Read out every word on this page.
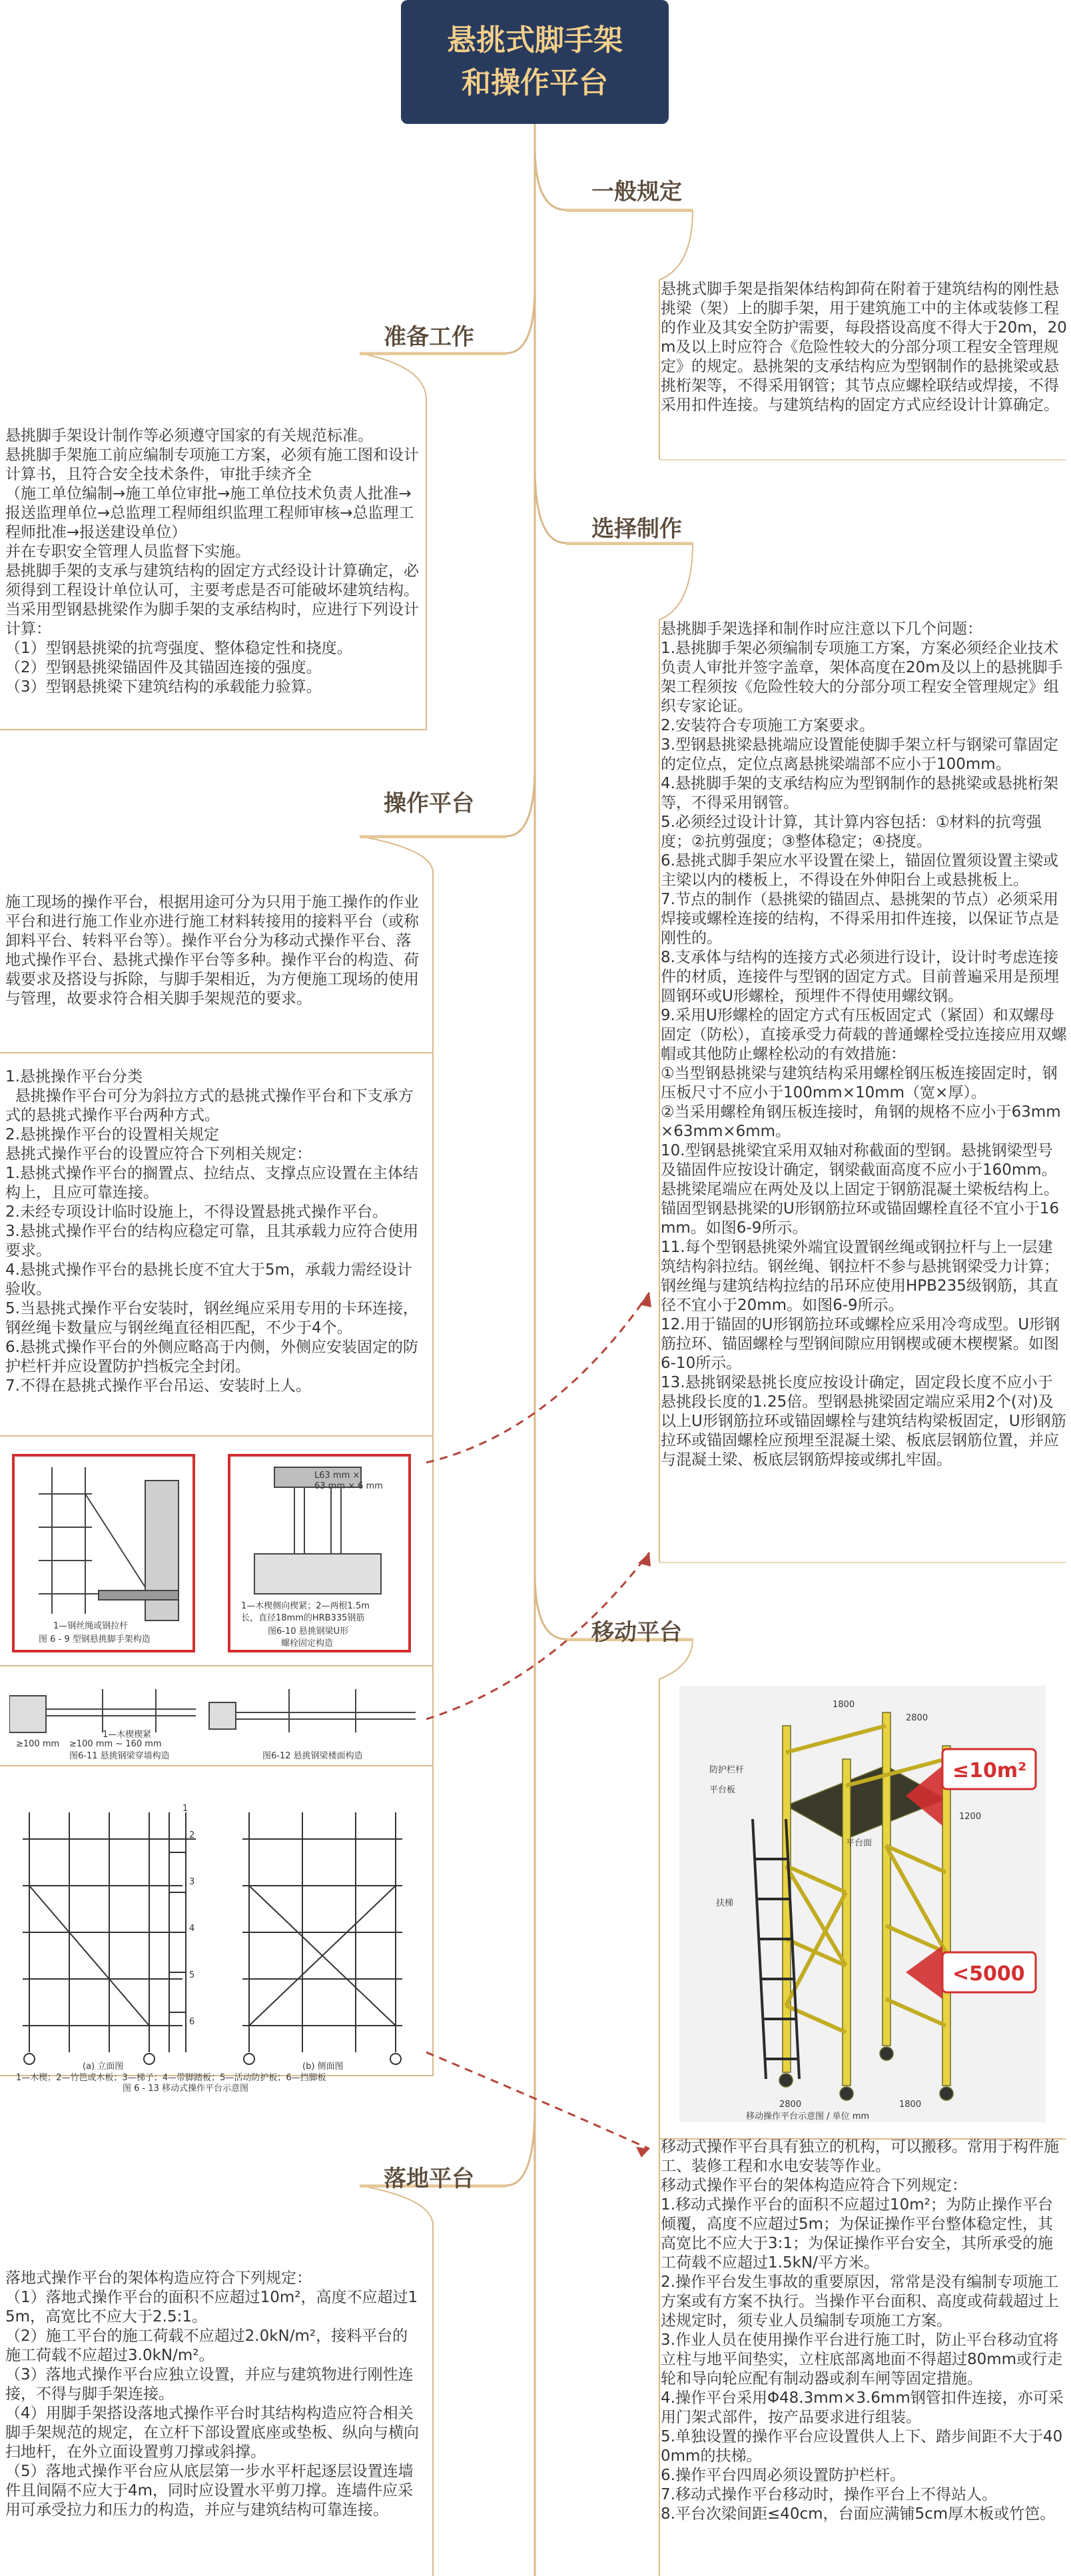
悬挑式脚手架
和操作平台
一般规定
准备工作
选择制作
操作平台
移动平台
落地平台
悬挑式脚手架是指架体结构卸荷在附着于建筑结构的刚性悬挑梁（架）上的脚手架，用于建筑施工中的主体或装修工程的作业及其安全防护需要，每段搭设高度不得大于20m，20m及以上时应符合《危险性较大的分部分项工程安全管理规定》的规定。悬挑架的支承结构应为型钢制作的悬挑梁或悬挑桁架等，不得采用钢管；其节点应螺栓联结或焊接，不得采用扣件连接。与建筑结构的固定方式应经设计计算确定。
悬挑脚手架设计制作等必须遵守国家的有关规范标准。
悬挑脚手架施工前应编制专项施工方案，必须有施工图和设计计算书，且符合安全技术条件，审批手续齐全
（施工单位编制→施工单位审批→施工单位技术负责人批准→报送监理单位→总监理工程师组织监理工程师审核→总监理工程师批准→报送建设单位）
并在专职安全管理人员监督下实施。
悬挑脚手架的支承与建筑结构的固定方式经设计计算确定，必须得到工程设计单位认可，主要考虑是否可能破坏建筑结构。当采用型钢悬挑梁作为脚手架的支承结构时，应进行下列设计计算：
（1）型钢悬挑梁的抗弯强度、整体稳定性和挠度。
（2）型钢悬挑梁锚固件及其锚固连接的强度。
（3）型钢悬挑梁下建筑结构的承载能力验算。
悬挑脚手架选择和制作时应注意以下几个问题：
1.悬挑脚手架必须编制专项施工方案，方案必须经企业技术负责人审批并签字盖章，架体高度在20m及以上的悬挑脚手架工程须按《危险性较大的分部分项工程安全管理规定》组织专家论证。
2.安装符合专项施工方案要求。
3.型钢悬挑梁悬挑端应设置能使脚手架立杆与钢梁可靠固定的定位点，定位点离悬挑梁端部不应小于100mm。
4.悬挑脚手架的支承结构应为型钢制作的悬挑梁或悬挑桁架等，不得采用钢管。
5.必须经过设计计算，其计算内容包括：①材料的抗弯强度；②抗剪强度；③整体稳定；④挠度。
6.悬挑式脚手架应水平设置在梁上，锚固位置须设置主梁或主梁以内的楼板上，不得设在外伸阳台上或悬挑板上。
7.节点的制作（悬挑梁的锚固点、悬挑架的节点）必须采用焊接或螺栓连接的结构，不得采用扣件连接，以保证节点是刚性的。
8.支承体与结构的连接方式必须进行设计，设计时考虑连接件的材质，连接件与型钢的固定方式。目前普遍采用是预埋圆钢环或U形螺栓，预埋件不得使用螺纹钢。
9.采用U形螺栓的固定方式有压板固定式（紧固）和双螺母固定（防松），直接承受力荷载的普通螺栓受拉连接应用双螺帽或其他防止螺栓松动的有效措施：
①当型钢悬挑梁与建筑结构采用螺栓钢压板连接固定时，钢压板尺寸不应小于100mm×10mm（宽×厚）。
②当采用螺栓角钢压板连接时，角钢的规格不应小于63mm×63mm×6mm。
10.型钢悬挑梁宜采用双轴对称截面的型钢。悬挑钢梁型号及锚固件应按设计确定，钢梁截面高度不应小于160mm。悬挑梁尾端应在两处及以上固定于钢筋混凝土梁板结构上。锚固型钢悬挑梁的U形钢筋拉环或锚固螺栓直径不宜小于16mm。如图6-9所示。
11.每个型钢悬挑梁外端宜设置钢丝绳或钢拉杆与上一层建筑结构斜拉结。钢丝绳、钢拉杆不参与悬挑钢梁受力计算；钢丝绳与建筑结构拉结的吊环应使用HPB235级钢筋，其直径不宜小于20mm。如图6-9所示。
12.用于锚固的U形钢筋拉环或螺栓应采用冷弯成型。U形钢筋拉环、锚固螺栓与型钢间隙应用钢楔或硬木楔楔紧。如图6-10所示。
13.悬挑钢梁悬挑长度应按设计确定，固定段长度不应小于悬挑段长度的1.25倍。型钢悬挑梁固定端应采用2个(对)及以上U形钢筋拉环或锚固螺栓与建筑结构梁板固定，U形钢筋拉环或锚固螺栓应预埋至混凝土梁、板底层钢筋位置，并应与混凝土梁、板底层钢筋焊接或绑扎牢固。
施工现场的操作平台，根据用途可分为只用于施工操作的作业平台和进行施工作业亦进行施工材料转接用的接料平台（或称卸料平台、转料平台等）。操作平台分为移动式操作平台、落地式操作平台、悬挑式操作平台等多种。操作平台的构造、荷载要求及搭设与拆除，与脚手架相近，为方便施工现场的使用与管理，故要求符合相关脚手架规范的要求。
1.悬挑操作平台分类
悬挑操作平台可分为斜拉方式的悬挑式操作平台和下支承方式的悬挑式操作平台两种方式。
2.悬挑操作平台的设置相关规定
悬挑式操作平台的设置应符合下列相关规定：
1.悬挑式操作平台的搁置点、拉结点、支撑点应设置在主体结构上，且应可靠连接。
2.未经专项设计临时设施上，不得设置悬挑式操作平台。
3.悬挑式操作平台的结构应稳定可靠，且其承载力应符合使用要求。
4.悬挑式操作平台的悬挑长度不宜大于5m，承载力需经设计验收。
5.当悬挑式操作平台安装时，钢丝绳应采用专用的卡环连接，钢丝绳卡数量应与钢丝绳直径相匹配，不少于4个。
6.悬挑式操作平台的外侧应略高于内侧，外侧应安装固定的防护栏杆并应设置防护挡板完全封闭。
7.不得在悬挑式操作平台吊运、安装时上人。
移动式操作平台具有独立的机构，可以搬移。常用于构件施工、装修工程和水电安装等作业。
移动式操作平台的架体构造应符合下列规定：
1.移动式操作平台的面积不应超过10m²；为防止操作平台倾覆，高度不应超过5m；为保证操作平台整体稳定性，其高宽比不应大于3:1；为保证操作平台安全，其所承受的施工荷载不应超过1.5kN/平方米。
2.操作平台发生事故的重要原因，常常是没有编制专项施工方案或有方案不执行。当操作平台面积、高度或荷载超过上述规定时，须专业人员编制专项施工方案。
3.作业人员在使用操作平台进行施工时，防止平台移动宜将立柱与地平间垫实，立柱底部离地面不得超过80mm或行走轮和导向轮应配有制动器或刹车闸等固定措施。
4.操作平台采用Φ48.3mm×3.6mm钢管扣件连接，亦可采用门架式部件，按产品要求进行组装。
5.单独设置的操作平台应设置供人上下、踏步间距不大于400mm的扶梯。
6.操作平台四周必须设置防护栏杆。
7.移动式操作平台移动时，操作平台上不得站人。
8.平台次梁间距≤40cm，台面应满铺5cm厚木板或竹笆。
落地式操作平台的架体构造应符合下列规定：
（1）落地式操作平台的面积不应超过10m²，高度不应超过15m，高宽比不应大于2.5:1。
（2）施工平台的施工荷载不应超过2.0kN/m²，接料平台的施工荷载不应超过3.0kN/m²。
（3）落地式操作平台应独立设置，并应与建筑物进行刚性连接，不得与脚手架连接。
（4）用脚手架搭设落地式操作平台时其结构构造应符合相关脚手架规范的规定，在立杆下部设置底座或垫板、纵向与横向扫地杆，在外立面设置剪刀撑或斜撑。
（5）落地式操作平台应从底层第一步水平杆起逐层设置连墙件且间隔不应大于4m，同时应设置水平剪刀撑。连墙件应采用可承受拉力和压力的构造，并应与建筑结构可靠连接。
1—钢丝绳或钢拉杆
图 6 - 9 型钢悬挑脚手架构造
L63 mm ×
63 mm × 6 mm
1—木楔侧向楔紧；2—两根1.5m
长，直径18mm的HRB335钢筋
图6-10 悬挑钢梁U形
螺栓固定构造
1—木楔楔紧
≥100 mm ≥100 mm ~ 160 mm
图6-11 悬挑钢梁穿墙构造	图6-12 悬挑钢梁楼面构造
1
2
3
4
5
6
(a) 立面图	(b) 侧面图
1—木楔；2—竹笆或木板；3—梯子；4—带脚踏板；5—活动防护板；6—挡脚板
图 6 - 13 移动式操作平台示意图
1800
2800
2800	1800
1200
防护栏杆
平台板
平台面
扶梯
移动操作平台示意图 / 单位 mm
≤10m²
<5000
